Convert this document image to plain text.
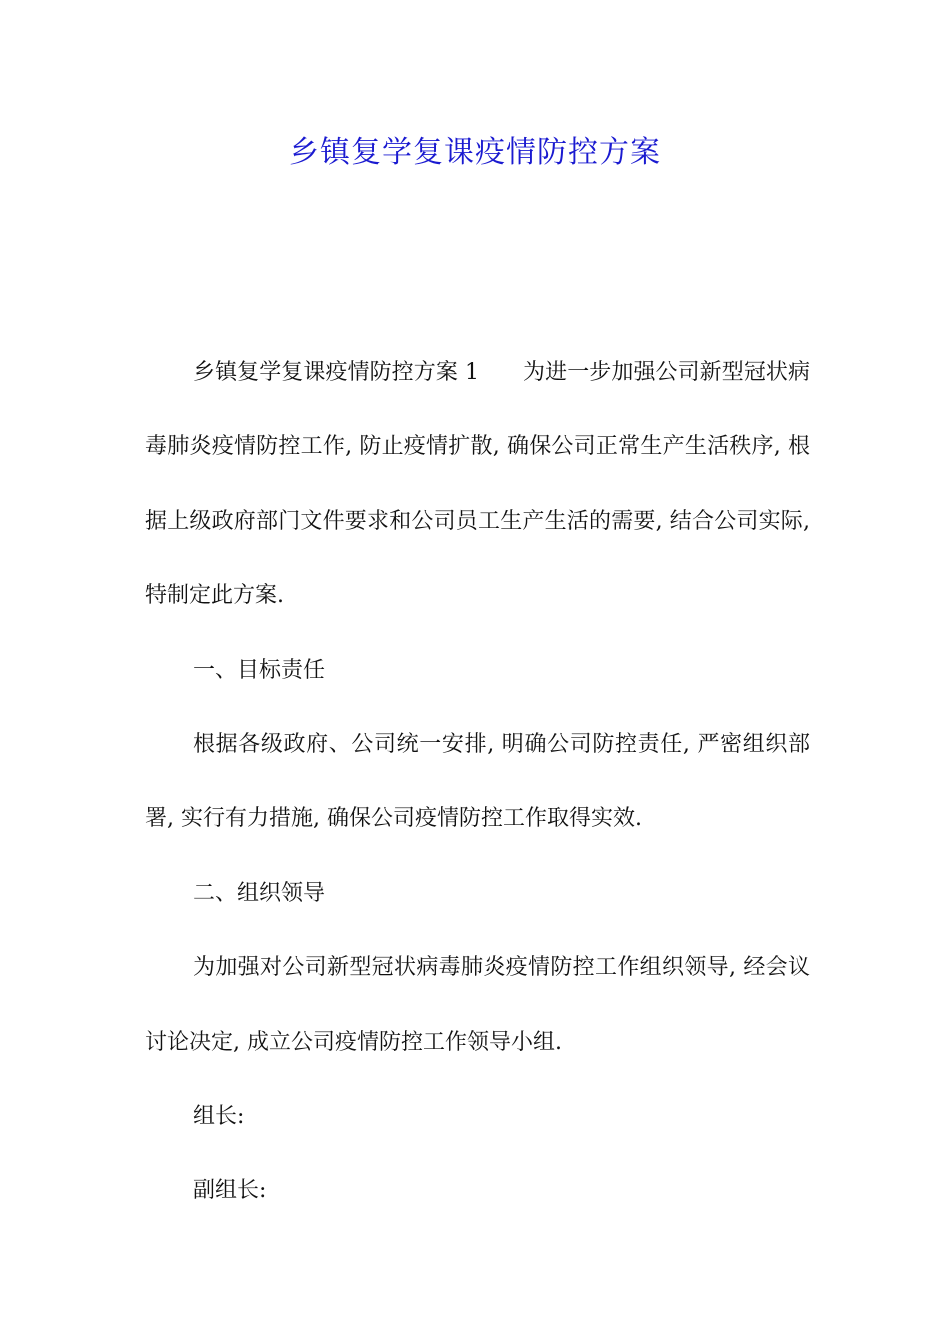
乡镇复学复课疫情防控方案

乡镇复学复课疫情防控方案 1 为进一步加强公司新型冠状病毒肺炎疫情防控工作, 防止疫情扩散, 确保公司正常生产生活秩序, 根据上级政府部门文件要求和公司员工生产生活的需要, 结合公司实际, 特制定此方案.

一、目标责任

根据各级政府、公司统一安排, 明确公司防控责任, 严密组织部署, 实行有力措施, 确保公司疫情防控工作取得实效.

二、组织领导

为加强对公司新型冠状病毒肺炎疫情防控工作组织领导, 经会议讨论决定, 成立公司疫情防控工作领导小组.

组长:

副组长:
